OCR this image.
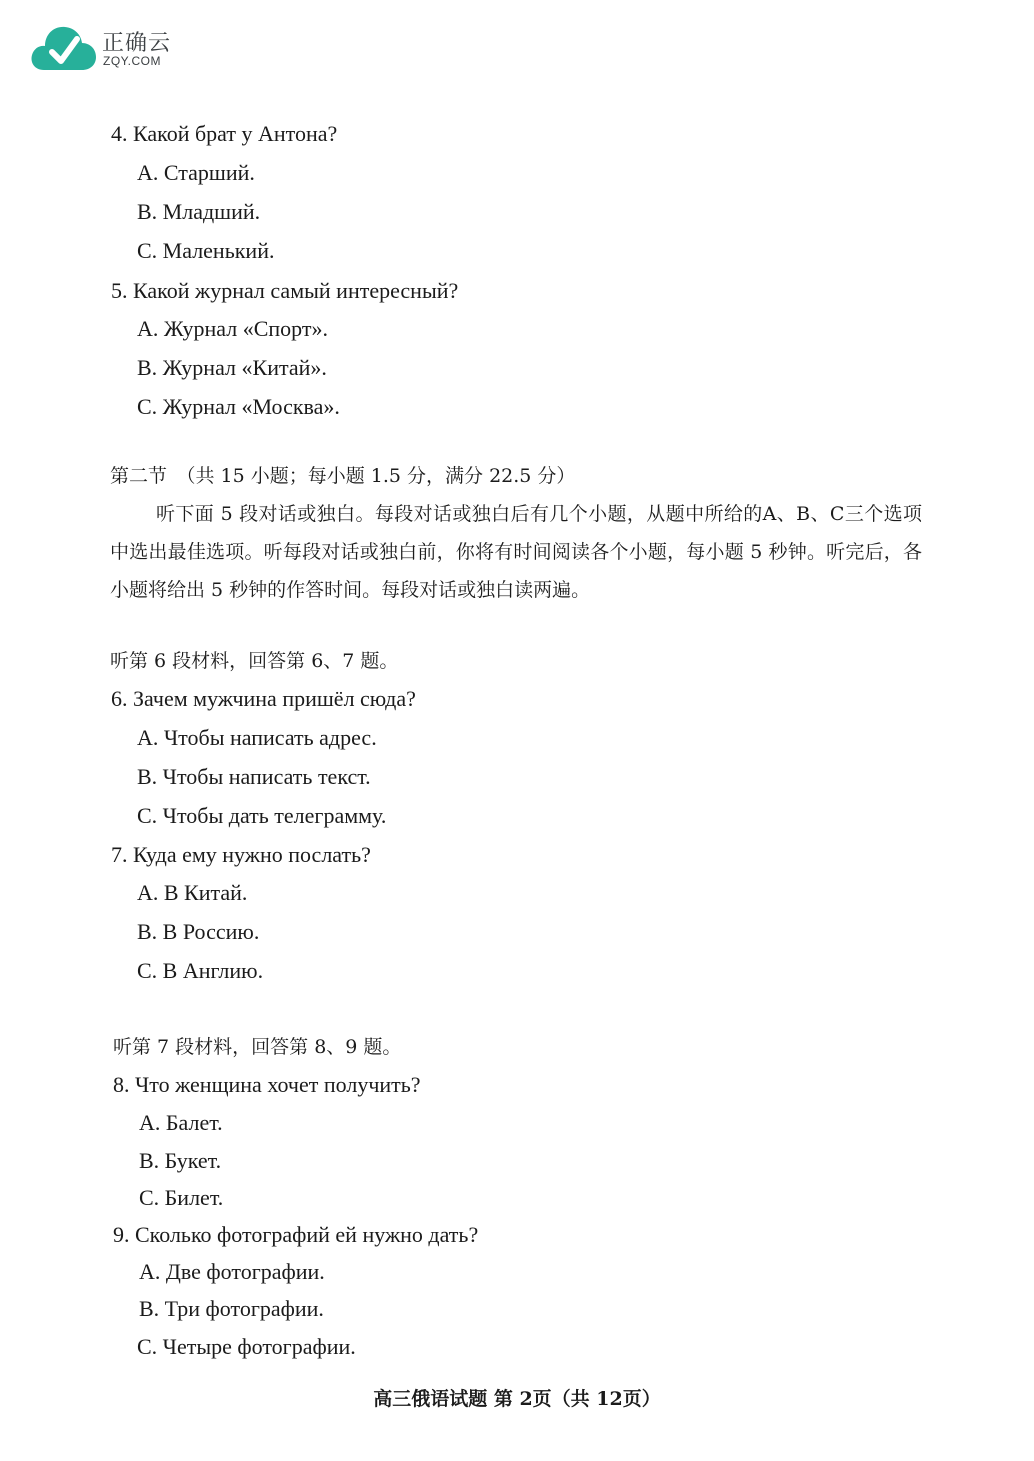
正确云
ZQY.COM
4. Какой брат у Антона?
A. Старший.
B. Младший.
C. Маленький.
5. Какой журнал самый интересный?
A. Журнал «Спорт».
B. Журнал «Китай».
C. Журнал «Москва».
第二节　（共 15 小题；每小题 1.5 分，满分 22.5 分）
听下面 5 段对话或独白。每段对话或独白后有几个小题，从题中所给的A、B、C三个选项中选出最佳选项。听每段对话或独白前，你将有时间阅读各个小题，每小题 5 秒钟。听完后，各小题将给出 5 秒钟的作答时间。每段对话或独白读两遍。
听第 6 段材料，回答第 6、7 题。
6. Зачем мужчина пришёл сюда?
A. Чтобы написать адрес.
B. Чтобы написать текст.
C. Чтобы дать телеграмму.
7. Куда ему нужно послать?
A. В Китай.
B. В Россию.
C. В Англию.
听第 7 段材料，回答第 8、9 题。
8. Что женщина хочет получить?
A. Балет.
B. Букет.
C. Билет.
9. Сколько фотографий ей нужно дать?
A. Две фотографии.
B. Три фотографии.
C. Четыре фотографии.
高三俄语试题 第 2页（共 12页）
